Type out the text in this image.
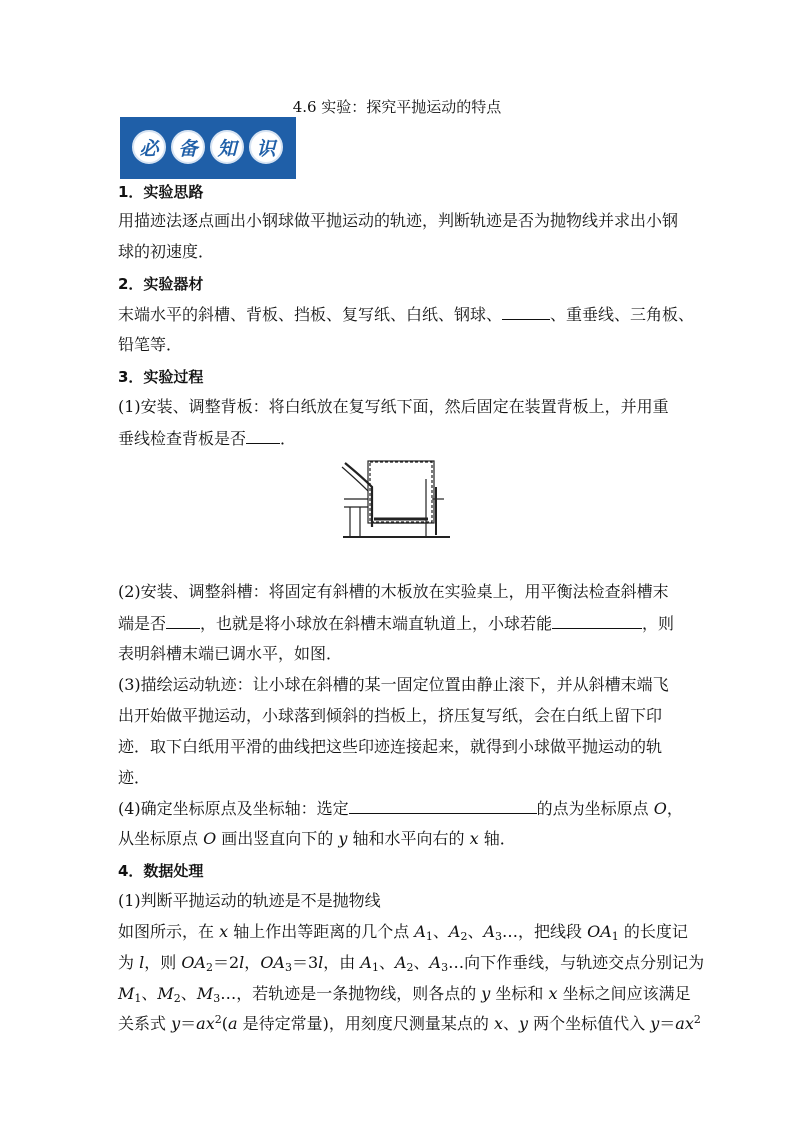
4.6 实验：探究平抛运动的特点
必	备	知	识
1．实验思路
用描迹法逐点画出小钢球做平抛运动的轨迹，判断轨迹是否为抛物线并求出小钢
球的初速度．
2．实验器材
末端水平的斜槽、背板、挡板、复写纸、白纸、钢球、	、重垂线、三角板、
铅笔等．
3．实验过程
(1)安装、调整背板：将白纸放在复写纸下面，然后固定在装置背板上，并用重
垂线检查背板是否 ．
(2)安装、调整斜槽：将固定有斜槽的木板放在实验桌上，用平衡法检查斜槽末
端是否 ，也就是将小球放在斜槽末端直轨道上，小球若能	，则
表明斜槽末端已调水平，如图．
(3)描绘运动轨迹：让小球在斜槽的某一固定位置由静止滚下，并从斜槽末端飞
出开始做平抛运动，小球落到倾斜的挡板上，挤压复写纸，会在白纸上留下印
迹．取下白纸用平滑的曲线把这些印迹连接起来，就得到小球做平抛运动的轨
迹．
(4)确定坐标原点及坐标轴：选定	的点为坐标原点 O，
从坐标原点 O 画出竖直向下的 y 轴和水平向右的 x 轴．
4．数据处理
(1)判断平抛运动的轨迹是不是抛物线
如图所示，在 x 轴上作出等距离的几个点 $A_1$、$A_2$、$A_3\dots$，把线段 $OA_1$ 的长度记
为 l，则 $OA_2=2l$，$OA_3=3l$，由 $A_1$、$A_2$、$A_3\dots$向下作垂线，与轨迹交点分别记为
$M_1$、$M_2$、$M_3\dots$，若轨迹是一条抛物线，则各点的 y 坐标和 x 坐标之间应该满足
关系式 $y=ax^2(a$ 是待定常量)，用刻度尺测量某点的 x、y 两个坐标值代入 $y=ax^2$
